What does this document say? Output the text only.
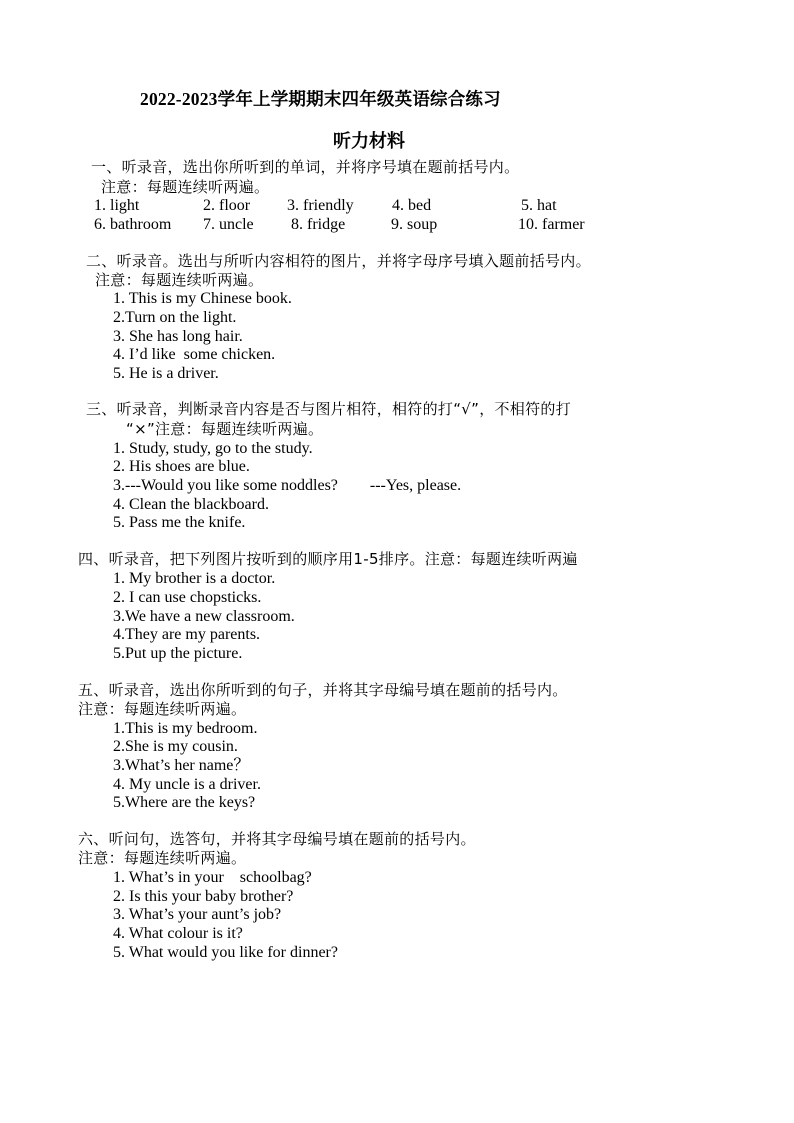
2022-2023学年上学期期末四年级英语综合练习
听力材料
一、听录音，选出你所听到的单词，并将序号填在题前括号内。
注意：每题连续听两遍。
1. light	2. floor 3. friendly 4. bed	5. hat
6. bathroom 7. uncle 8. fridge	9. soup	10. farmer
二、听录音。选出与所听内容相符的图片，并将字母序号填入题前括号内。
注意：每题连续听两遍。
1. This is my Chinese book.
2.Turn on the light.
3. She has long hair.
4. I’d like  some chicken.
5. He is a driver.
三、听录音，判断录音内容是否与图片相符，相符的打“√”，不相符的打
“×”注意：每题连续听两遍。
1. Study, study, go to the study.
2. His shoes are blue.
3.---Would you like some noddles?        ---Yes, please.
4. Clean the blackboard.
5. Pass me the knife.
四、听录音，把下列图片按听到的顺序用1-5排序。注意：每题连续听两遍
1. My brother is a doctor.
2. I can use chopsticks.
3.We have a new classroom.
4.They are my parents.
5.Put up the picture.
五、听录音，选出你所听到的句子，并将其字母编号填在题前的括号内。
注意：每题连续听两遍。
1.This is my bedroom.
2.She is my cousin.
3.What’s her name？
4. My uncle is a driver.
5.Where are the keys?
六、听问句，选答句，并将其字母编号填在题前的括号内。
注意：每题连续听两遍。
1. What’s in your    schoolbag?
2. Is this your baby brother?
3. What’s your aunt’s job?
4. What colour is it?
5. What would you like for dinner?
